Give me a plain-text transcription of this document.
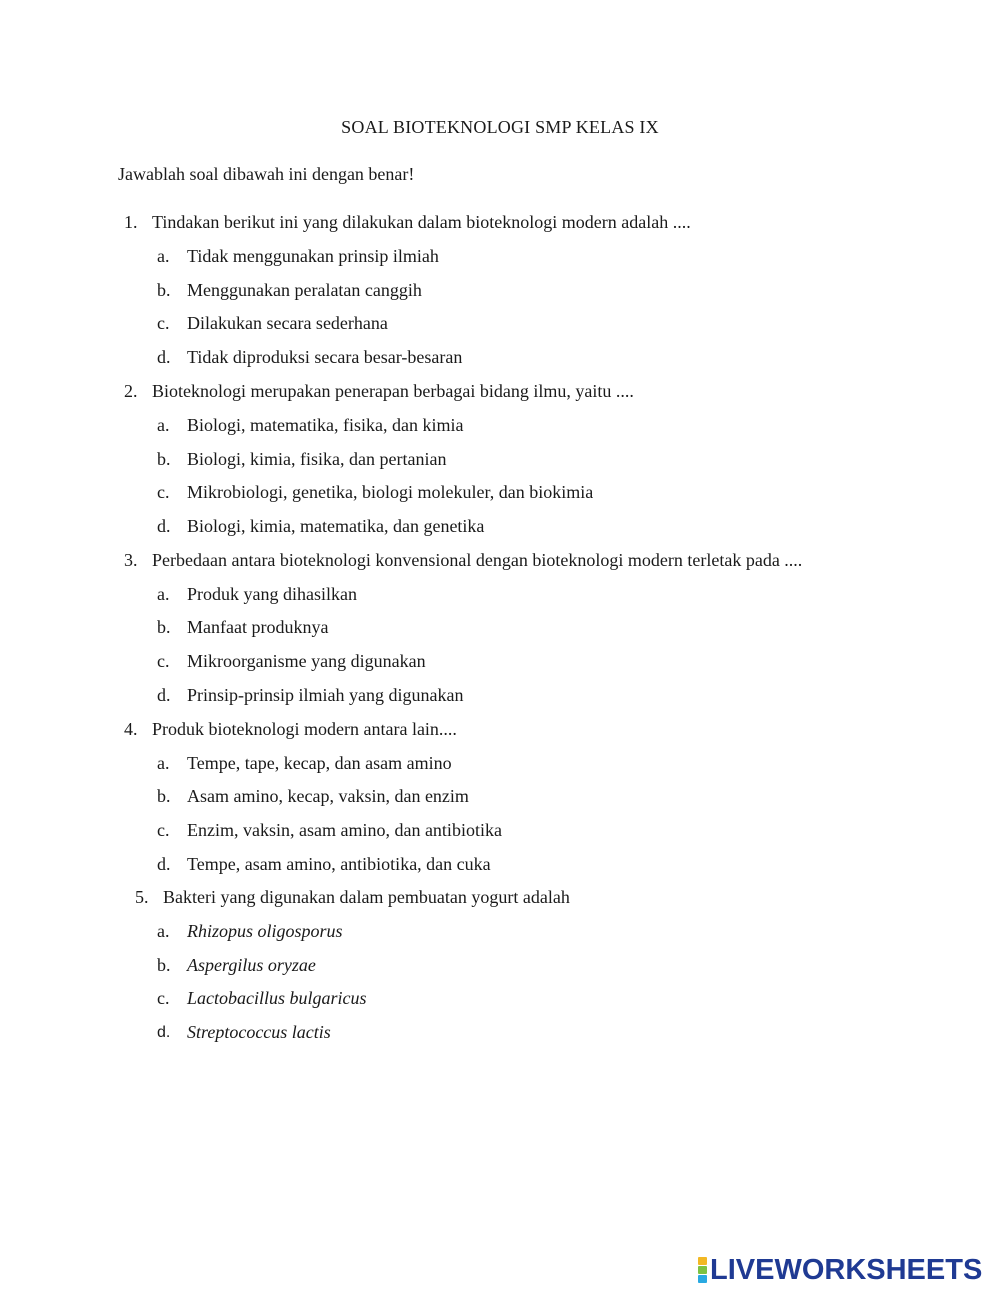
SOAL BIOTEKNOLOGI SMP KELAS IX
Jawablah soal dibawah ini dengan benar!
1. Tindakan berikut ini yang dilakukan dalam bioteknologi modern adalah ....
a. Tidak menggunakan prinsip ilmiah
b. Menggunakan peralatan canggih
c. Dilakukan secara sederhana
d. Tidak diproduksi secara besar-besaran
2. Bioteknologi merupakan penerapan berbagai bidang ilmu, yaitu ....
a. Biologi, matematika, fisika, dan kimia
b. Biologi, kimia, fisika, dan pertanian
c. Mikrobiologi, genetika, biologi molekuler, dan biokimia
d. Biologi, kimia, matematika, dan genetika
3. Perbedaan antara bioteknologi konvensional dengan bioteknologi modern terletak pada ....
a. Produk yang dihasilkan
b. Manfaat produknya
c. Mikroorganisme yang digunakan
d. Prinsip-prinsip ilmiah yang digunakan
4. Produk bioteknologi modern antara lain....
a. Tempe, tape, kecap, dan asam amino
b. Asam amino, kecap, vaksin, dan enzim
c. Enzim, vaksin, asam amino, dan antibiotika
d. Tempe, asam amino, antibiotika, dan cuka
5. Bakteri yang digunakan dalam pembuatan yogurt adalah
a. Rhizopus oligosporus
b. Aspergilus oryzae
c. Lactobacillus bulgaricus
d. Streptococcus lactis
LIVEWORKSHEETS
